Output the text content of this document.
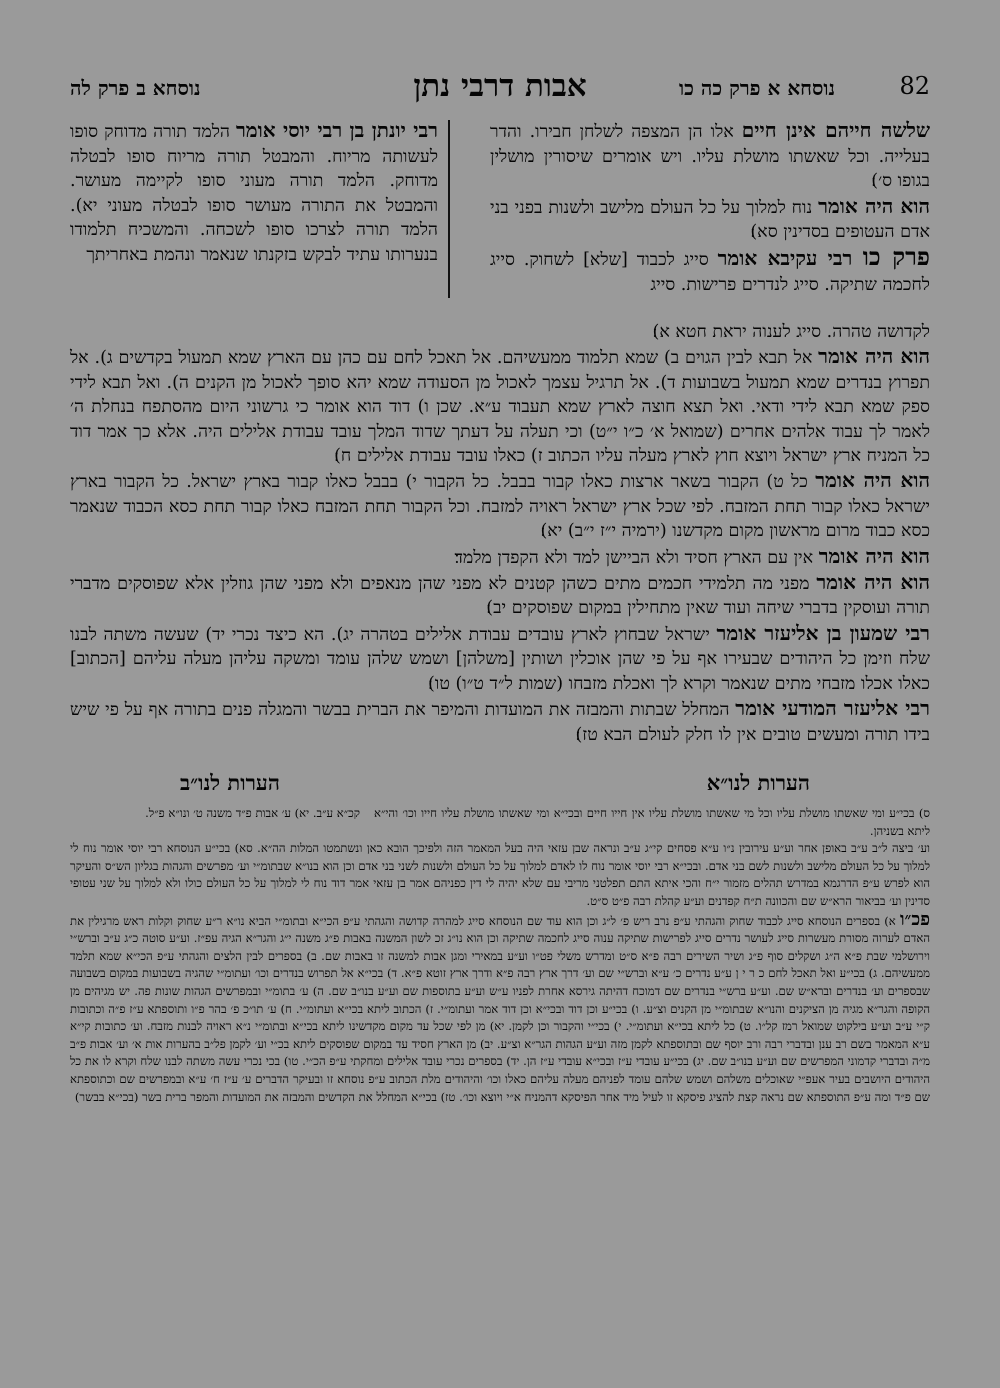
82
נוסחא א פרק כה כו
אבות דרבי נתן
נוסחא ב פרק לה
שלשה חייהם אינן חיים אלו הן המצפה לשלחן חבירו. והדר בעלייה. וכל שאשתו מושלת עליו. ויש אומרים שיסורין מושלין בגופו ס׳)׃
הוא היה אומר נוח למלוך על כל העולם מלישב ולשנות בפני בני אדם העטופים בסדינין סא)׃
פרק כו רבי עקיבא אומר סייג לכבוד [שלא] לשחוק. סייג לחכמה שתיקה. סייג לנדרים פרישות. סייג
רבי יונתן בן רבי יוסי אומר הלמד תורה מדוחק סופו לעשותה מריוח. והמבטל תורה מריוח סופו לבטלה מדוחק. הלמד תורה מעוני סופו לקיימה מעושר. והמבטל את התורה מעושר סופו לבטלה מעוני יא). הלמד תורה לצרכו סופו לשכחה. והמשכיח תלמודו בנערותו עתיד לבקש בזקנתו שנאמר ונהמת באחריתך

לקדושה טהרה. סייג לענוה יראת חטא א)׃

הוא היה אומר אל תבא לבין הגוים ב) שמא תלמוד ממעשיהם. אל תאכל לחם עם כהן עם הארץ שמא תמעול בקדשים ג). אל תפרוץ בנדרים שמא תמעול בשבועות ד). אל תרגיל עצמך לאכול מן הסעודה שמא יהא סופך לאכול מן הקנים ה). ואל תבא לידי ספק שמא תבא לידי ודאי. ואל תצא חוצה לארץ שמא תעבוד ע״א. שכן ו) דוד הוא אומר כי גרשוני היום מהסתפח בנחלת ה׳ לאמר לך עבוד אלהים אחרים (שמואל א׳ כ״ו י״ט) וכי תעלה על דעתך שדוד המלך עובד עבודת אלילים היה. אלא כך אמר דוד כל המניח ארץ ישראל ויוצא חוץ לארץ מעלה עליו הכתוב ז) כאלו עובד עבודת אלילים ח)׃

הוא היה אומר כל ט) הקבור בשאר ארצות כאלו קבור בבבל. כל הקבור י) בבבל כאלו קבור בארץ ישראל. כל הקבור בארץ ישראל כאלו קבור תחת המזבח. לפי שכל ארץ ישראל ראויה למזבח. וכל הקבור תחת המזבח כאלו קבור תחת כסא הכבוד שנאמר כסא כבוד מרום מראשון מקום מקדשנו (ירמיה י״ז י״ב) יא)׃

הוא היה אומר אין עם הארץ חסיד ולא הביישן למד ולא הקפדן מלמד׃

הוא היה אומר מפני מה תלמידי חכמים מתים כשהן קטנים לא מפני שהן מנאפים ולא מפני שהן גוזלין אלא שפוסקים מדברי תורה ועוסקין בדברי שיחה ועוד שאין מתחילין במקום שפוסקים יב)׃

רבי שמעון בן אליעזר אומר ישראל שבחוץ לארץ עובדים עבודת אלילים בטהרה יג). הא כיצד נכרי יד) שעשה משתה לבנו שלח וזימן כל היהודים שבעירו אף על פי שהן אוכלין ושותין [משלהן] ושמש שלהן עומד ומשקה עליהן מעלה עליהם [הכתוב] כאלו אכלו מזבחי מתים שנאמר וקרא לך ואכלת מזבחו (שמות ל״ד ט״ו) טו)׃

רבי אליעזר המודעי אומר המחלל שבתות והמבזה את המועדות והמיפר את הברית בבשר והמגלה פנים בתורה אף על פי שיש בידו תורה ומעשים טובים אין לו חלק לעולם הבא טז)׃

הערות לנו״א
הערות לנו״ב
ס) בכי״ע ומי שאשתו מושלת עליו וכל מי שאשתו מושלת עליו אין חייו חיים ובכי״א ומי שאשתו מושלת עליו חייו וכו׳ והי״א ליתא בשניהן.
קכ״א ע״ב. יא) ע׳ אבות פ״ד משנה ט׳ ונו״א פ״ל.

וע׳ ביצה ל״ב ע״ב באופן אחר וע״ע עירובין נ״ו ע״א פסחים קי״ג ע״ב ונראה שבן עזאי היה בעל המאמר הזה ולפיכך הובא כאן ונשתמטו המלות הה״א. סא) בכי״ע הנוסחא רבי יוסי אומר נוח לי למלוך על כל העולם מלישב ולשנות לשם בני אדם. ובכי״א רבי יוסי אומר נוח לו לאדם למלוך על כל העולם ולשנות לשני בני אדם וכן הוא בנו״א שבתומ״י וע׳ מפרשים והגהות בגליון הש״ס והעיקר הוא לפרש ע״פ הדרגמא במדרש תהלים מזמור י״ח והכי איתא התם תפלטני מריבי עם שלא יהיה לי דין כפניהם אמר בן עזאי אמר דוד נוח לי למלוך על כל העולם כולו ולא למלוך על שני עטופי סדינין וע׳ בביאור הרא״ש שם והכוונה ת״ח קפדנים וע״ע קהלת רבה פ״ט ס״ט.

פכ״ו א) בספרים הנוסחא סייג לכבוד שחוק והגהתי ע״פ נרב ריש פ׳ ל״ג וכן הוא עוד שם הנוסחא סייג למהרה קדושה והגהתי ע״פ הכי״א ובתומ״י הביא נו״א ר״ע שחוק וקלות ראש מרגילין את האדם לערוה מסורת מעשרות סייג לעושר נדרים סייג לפרישות שתיקה ענוה סייג לחכמה שתיקה וכן הוא נו״ג זכ לשון המשנה באבות פ״ג משנה י״ג והגר״א הגיה עפ״ז. וע״ע סוטה כ״ג ע״ב וברש״י וירושלמי שבת פ״א ה״ג ושקלים סוף פ״ג ושיר השירים רבה פ״א ס״ט ומדרש משלי פט״ו וע״ע במאירי ומגן אבות למשנה זו באבות שם. ב) בספרים לבין הלצים והגהתי ע״פ הכי״א שמא תלמד ממעשיהם. ג) בכי״ע ואל תאכל לחם כ ר י ן ע״ע נדרים כ׳ ע״א וברש״י שם וע׳ דרך ארץ רבה פ״א ודרך ארץ זוטא פ״א. ד) בכי״א אל תפרוש בנדרים וכו׳ ועתומ״י שהגיה בשבועות במקום בשבועה שבספרים וע׳ בנדרים וברא״ש שם. וע״ע ברש״י בנדרים שם דמוכח דהיתה גירסא אחרת לפניו ע״ש וע״ע בתוספות שם וע״ע בנו״ב שם. ה) ע׳ בתומ״י ובמפרשים הגהות שונות פה. יש מגיהים מן הקופה והגר״א מגיה מן הציקנים והנו״א שבתומ״י מן הקנים וצ״ע. ו) בכי״ע וכן דוד ובכי״א וכן דוד אמר ועתומ״י. ז) הכתוב ליתא בכי״א ועתומ״י. ח) ע׳ תו״כ פ׳ בהר פ״ו ותוספתא ע״ז פ״ה וכתובות ק״י ע״ב וע״ע בילקוט שמואל רמז קל״ו. ט) כל ליתא בכי״א ועתומ״י. י) בכי״י והקבור וכן לקמן. יא) מן לפי שכל עד מקום מקדשינו ליתא בכי״א ובתומ״י נ״א ראויה לבנות מזבח. וע׳ כתובות קי״א ע״א המאמר בשם רב ענן ובדברי רבה ורב יוסף שם ובתוספתא לקמן מזה וע״ע הגהות הגר״א וצ״ע. יב) מן הארץ חסיד עד במקום שפוסקים ליתא בכ״י וע׳ לקמן פל״ב בהערות אות א׳ וע׳ אבות פ״ב מ״ה ובדברי קדמוני המפרשים שם וע״ע בנו״ב שם. יג) בכי״ע עובדי ע״ז ובכי״א עובדי ע״ז הן. יד) בספרים נכרי עובד אלילים ומחקתי ע״פ הכ״י. טו) בכי נכרי עשה משתה לבנו שלח וקרא לו את כל היהודים היושבים בעיר אעפ״י שאוכלים משלהם ושמש שלהם עומד לפניהם מעלה עליהם כאלו וכו׳ והיהודים מלת הכתוב ע״פ נוסחא זו ובעיקר הדברים ע׳ ע״ז ח׳ ע״א ובמפרשים שם וכתוספתא שם פ״ד ומה ע״פ התוספתא שם נראה קצת להציג פיסקא זו לעיל מיד אחר הפיסקא דהמניח א״י ויוצא וכו׳. טז) בכי״א המחלל את הקדשים והמבזה את המועדות והמפר ברית בשר (בכי״א בבשר)
